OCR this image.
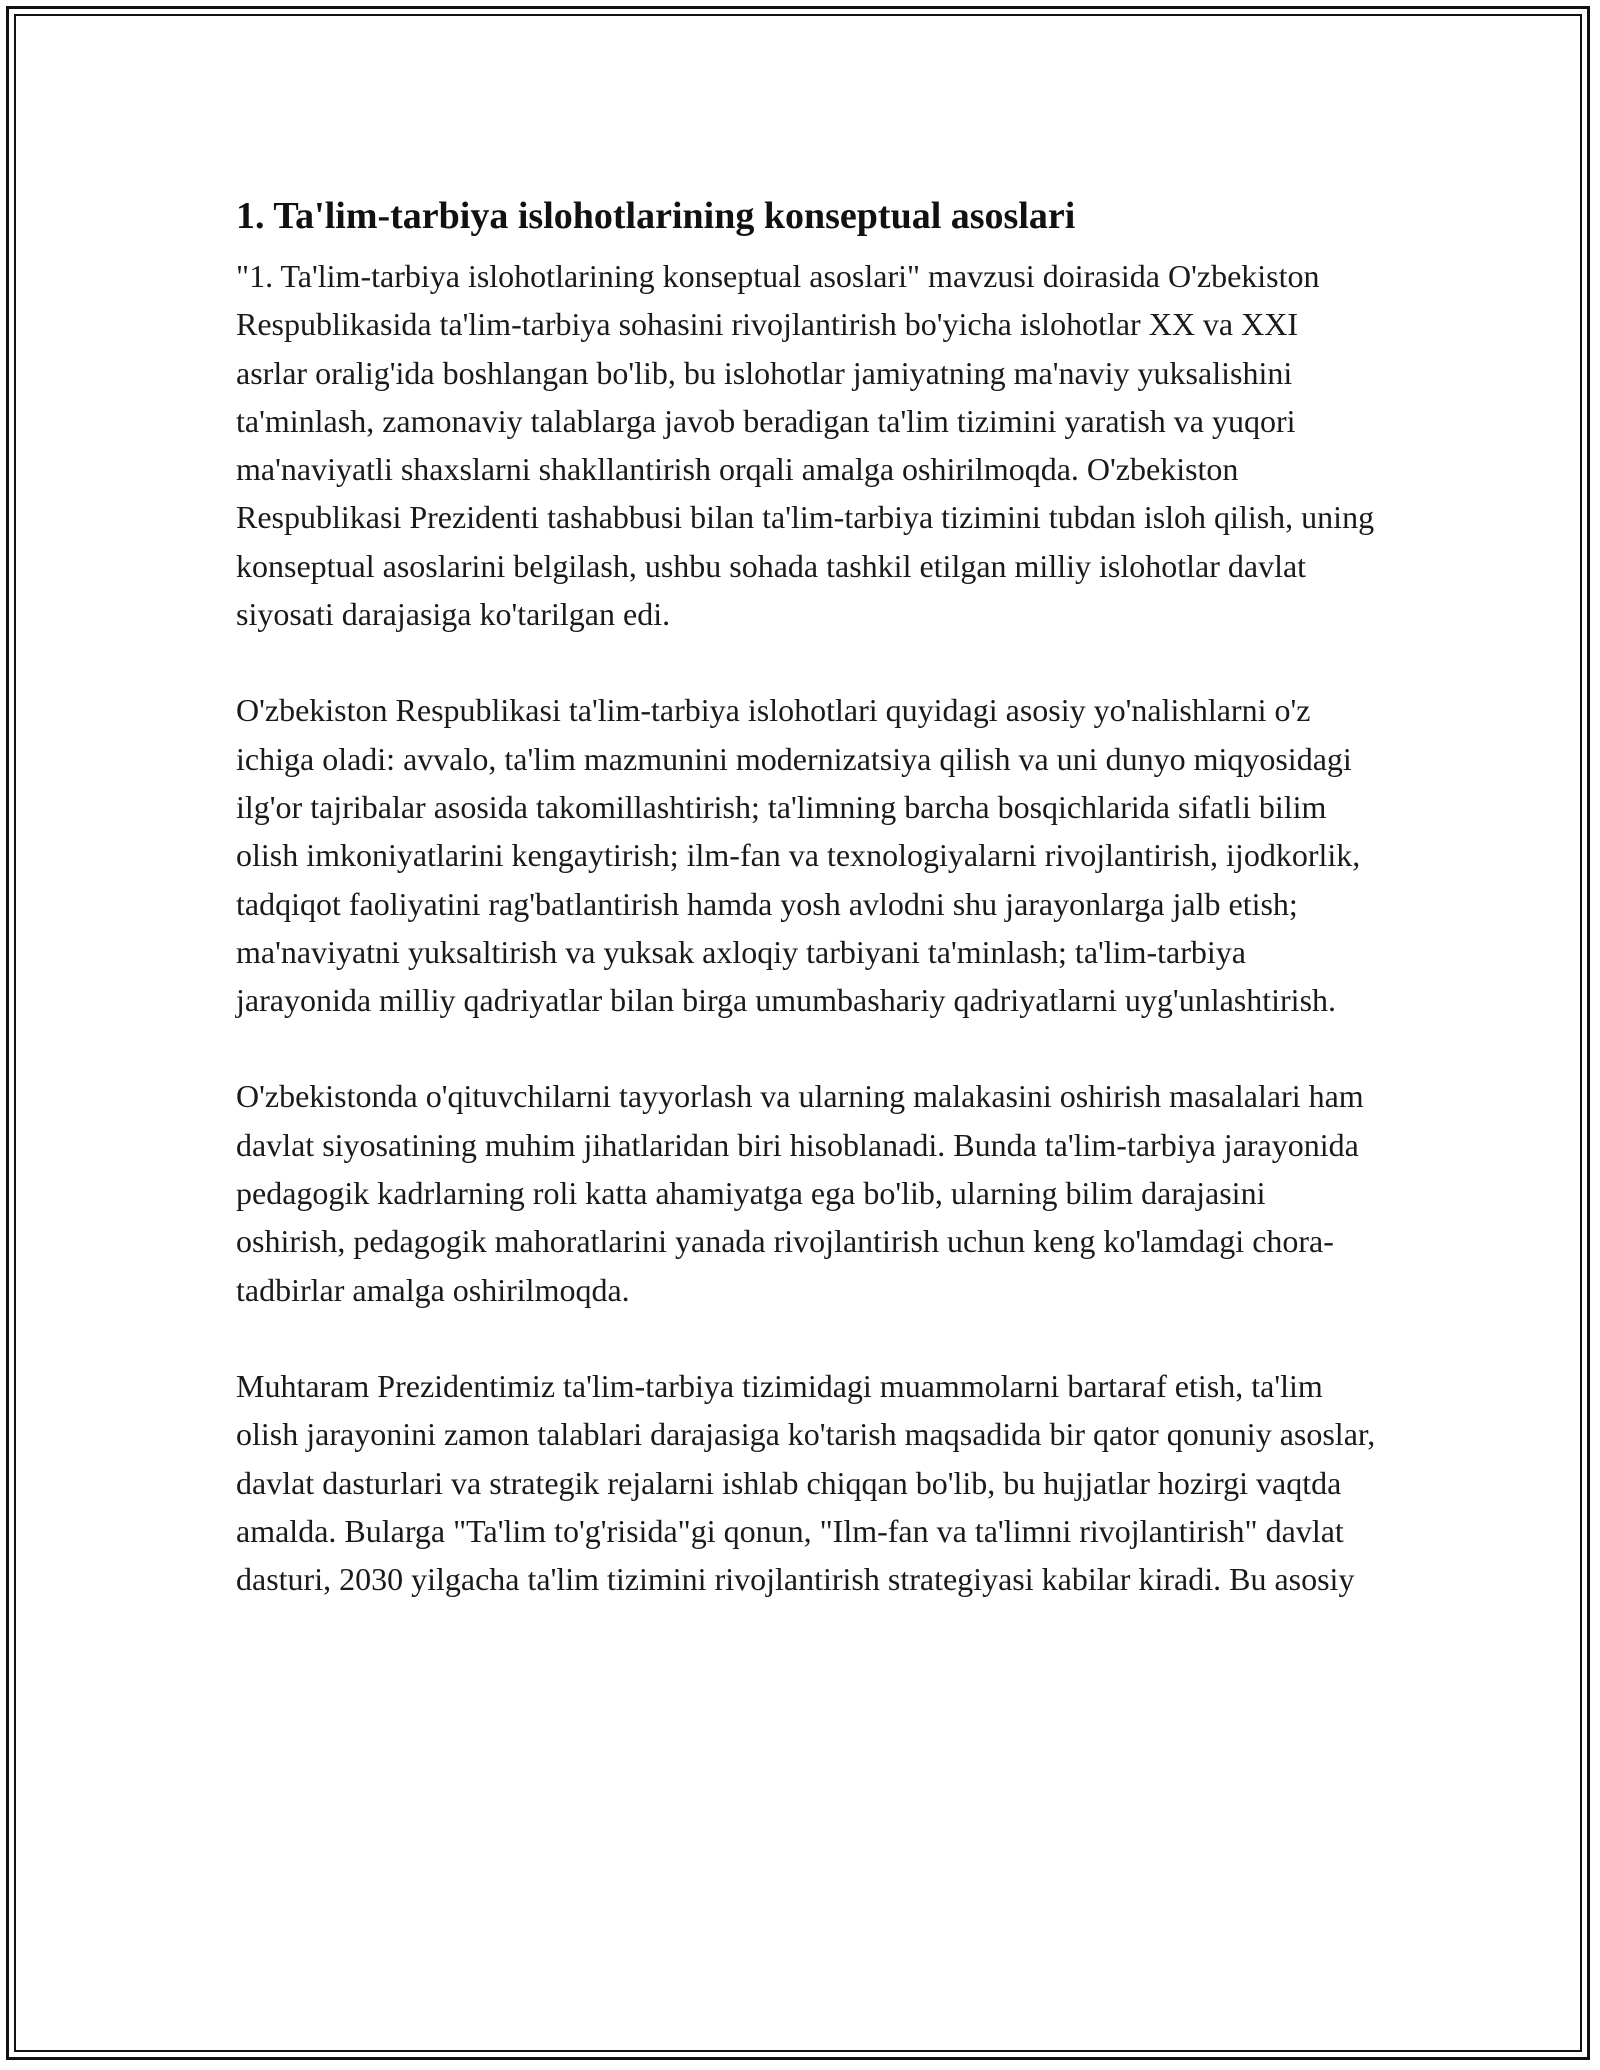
1. Ta'lim-tarbiya islohotlarining konseptual asoslari

"1. Ta'lim-tarbiya islohotlarining konseptual asoslari" mavzusi doirasida O'zbekiston Respublikasida ta'lim-tarbiya sohasini rivojlantirish bo'yicha islohotlar XX va XXI asrlar oralig'ida boshlangan bo'lib, bu islohotlar jamiyatning ma'naviy yuksalishini ta'minlash, zamonaviy talablarga javob beradigan ta'lim tizimini yaratish va yuqori ma'naviyatli shaxslarni shakllantirish orqali amalga oshirilmoqda. O'zbekiston Respublikasi Prezidenti tashabbusi bilan ta'lim-tarbiya tizimini tubdan isloh qilish, uning konseptual asoslarini belgilash, ushbu sohada tashkil etilgan milliy islohotlar davlat siyosati darajasiga ko'tarilgan edi.

O'zbekiston Respublikasi ta'lim-tarbiya islohotlari quyidagi asosiy yo'nalishlarni o'z ichiga oladi: avvalo, ta'lim mazmunini modernizatsiya qilish va uni dunyo miqyosidagi ilg'or tajribalar asosida takomillashtirish; ta'limning barcha bosqichlarida sifatli bilim olish imkoniyatlarini kengaytirish; ilm-fan va texnologiyalarni rivojlantirish, ijodkorlik, tadqiqot faoliyatini rag'batlantirish hamda yosh avlodni shu jarayonlarga jalb etish; ma'naviyatni yuksaltirish va yuksak axloqiy tarbiyani ta'minlash; ta'lim-tarbiya jarayonida milliy qadriyatlar bilan birga umumbashariy qadriyatlarni uyg'unlashtirish.

O'zbekistonda o'qituvchilarni tayyorlash va ularning malakasini oshirish masalalari ham davlat siyosatining muhim jihatlaridan biri hisoblanadi. Bunda ta'lim-tarbiya jarayonida pedagogik kadrlarning roli katta ahamiyatga ega bo'lib, ularning bilim darajasini oshirish, pedagogik mahoratlarini yanada rivojlantirish uchun keng ko'lamdagi chora-tadbirlar amalga oshirilmoqda.

Muhtaram Prezidentimiz ta'lim-tarbiya tizimidagi muammolarni bartaraf etish, ta'lim olish jarayonini zamon talablari darajasiga ko'tarish maqsadida bir qator qonuniy asoslar, davlat dasturlari va strategik rejalarni ishlab chiqqan bo'lib, bu hujjatlar hozirgi vaqtda amalda. Bularga "Ta'lim to'g'risida"gi qonun, "Ilm-fan va ta'limni rivojlantirish" davlat dasturi, 2030 yilgacha ta'lim tizimini rivojlantirish strategiyasi kabilar kiradi. Bu asosiy
